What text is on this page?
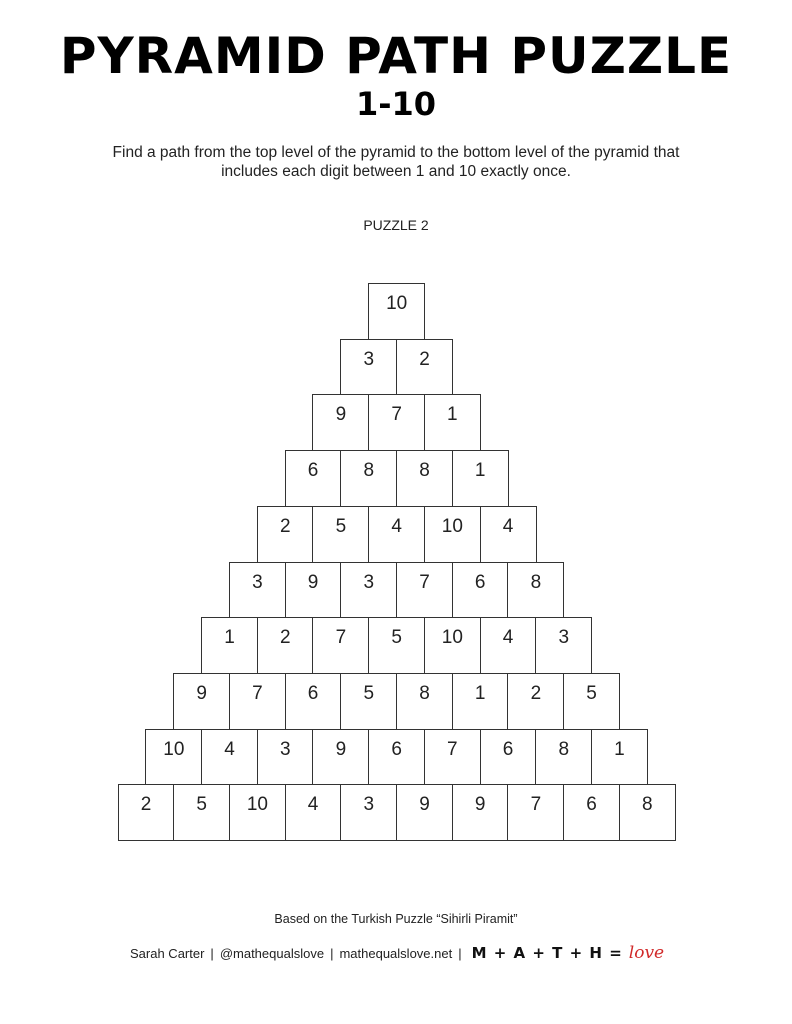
PYRAMID PATH PUZZLE
1-10
Find a path from the top level of the pyramid to the bottom level of the pyramid that
includes each digit between 1 and 10 exactly once.
PUZZLE 2
10
3	2
9	7	1
6	8	8	1
2	5	4	10	4
3	9	3	7	6	8
1	2	7	5	10	4	3
9	7	6	5	8	1	2	5
10	4	3	9	6	7	6	8	1
2	5	10	4	3	9	9	7	6	8
Based on the Turkish Puzzle “Sihirli Piramit”
Sarah Carter | @mathequalslove | mathequalslove.net | M + A + T + H = love
